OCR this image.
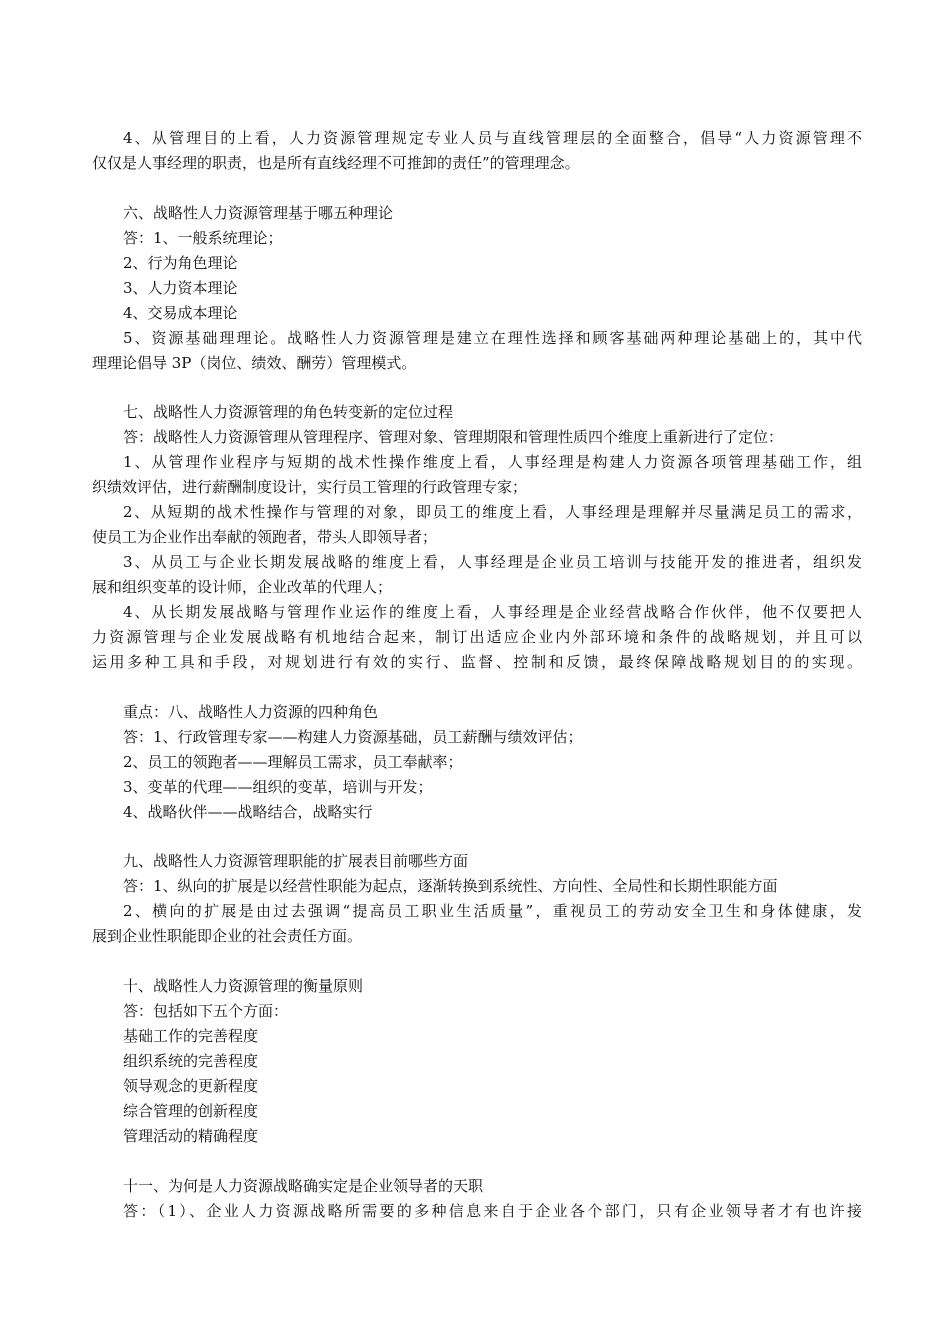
4、从管理目的上看，人力资源管理规定专业人员与直线管理层的全面整合，倡导“人力资源管理不
仅仅是人事经理的职责，也是所有直线经理不可推卸的责任”的管理理念。
六、战略性人力资源管理基于哪五种理论
答：1、一般系统理论；
2、行为角色理论
3、人力资本理论
4、交易成本理论
5、资源基础理理论。战略性人力资源管理是建立在理性选择和顾客基础两种理论基础上的，其中代
理理论倡导 3P（岗位、绩效、酬劳）管理模式。
七、战略性人力资源管理的角色转变新的定位过程
答：战略性人力资源管理从管理程序、管理对象、管理期限和管理性质四个维度上重新进行了定位：
1、从管理作业程序与短期的战术性操作维度上看，人事经理是构建人力资源各项管理基础工作，组
织绩效评估，进行薪酬制度设计，实行员工管理的行政管理专家；
2、从短期的战术性操作与管理的对象，即员工的维度上看，人事经理是理解并尽量满足员工的需求，
使员工为企业作出奉献的领跑者，带头人即领导者；
3、从员工与企业长期发展战略的维度上看，人事经理是企业员工培训与技能开发的推进者，组织发
展和组织变革的设计师，企业改革的代理人；
4、从长期发展战略与管理作业运作的维度上看，人事经理是企业经营战略合作伙伴，他不仅要把人
力资源管理与企业发展战略有机地结合起来，制订出适应企业内外部环境和条件的战略规划，并且可以
运用多种工具和手段，对规划进行有效的实行、监督、控制和反馈，最终保障战略规划目的的实现。
重点：八、战略性人力资源的四种角色
答：1、行政管理专家——构建人力资源基础，员工薪酬与绩效评估；
2、员工的领跑者——理解员工需求，员工奉献率；
3、变革的代理——组织的变革，培训与开发；
4、战略伙伴——战略结合，战略实行
九、战略性人力资源管理职能的扩展表目前哪些方面
答：1、纵向的扩展是以经营性职能为起点，逐渐转换到系统性、方向性、全局性和长期性职能方面
2、横向的扩展是由过去强调“提高员工职业生活质量”，重视员工的劳动安全卫生和身体健康，发
展到企业性职能即企业的社会责任方面。
十、战略性人力资源管理的衡量原则
答：包括如下五个方面：
基础工作的完善程度
组织系统的完善程度
领导观念的更新程度
综合管理的创新程度
管理活动的精确程度
十一、为何是人力资源战略确实定是企业领导者的天职
答：（1）、企业人力资源战略所需要的多种信息来自于企业各个部门，只有企业领导者才有也许接
